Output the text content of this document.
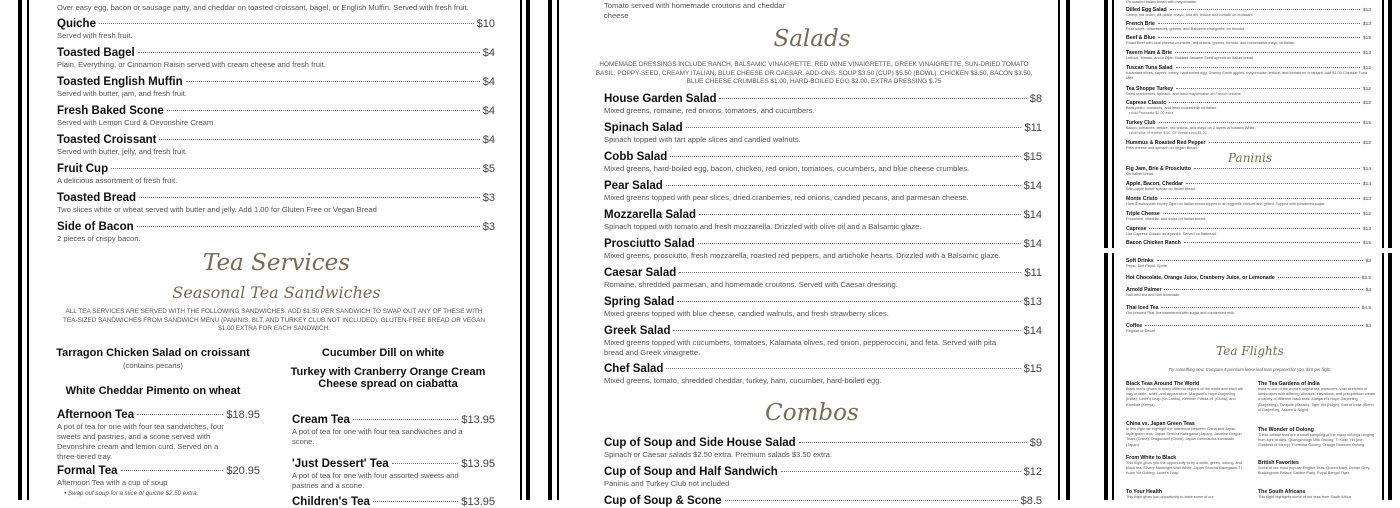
Over easy egg, bacon or sausage patty, and cheddar on toasted croissant, bagel, or English Muffin. Served with fresh fruit.
Quiche	$10
Served with fresh fruit.
Toasted Bagel	$4
Plain, Everything, or Cinnamon Raisin served with cream cheese and fresh fruit.
Toasted English Muffin	$4
Served with butter, jam, and fresh fruit.
Fresh Baked Scone	$4
Served with Lemon Curd & Devonshire Cream
Toasted Croissant	$4
Served with butter, jelly, and fresh fruit.
Fruit Cup	$5
A delicious assortment of fresh fruit.
Toasted Bread	$3
Two slices white or wheat served with butter and jelly. Add 1.00 for Gluten Free or Vegan Bread
Side of Bacon	$3
2 pieces of crispy bacon.
Tea Services
Seasonal Tea Sandwiches
ALL TEA SERVICES ARE SERVED WITH THE FOLLOWING SANDWICHES. ADD $1.50 PER SANDWICH TO SWAP OUT ANY OF THESE WITH TEA-SIZED SANDWICHES FROM SANDWICH MENU (PANINIS, BLT, AND TURKEY CLUB NOT INCLUDED). GLUTEN-FREE BREAD OR VEGAN $1.00 EXTRA FOR EACH SANDWICH.
Tarragon Chicken Salad on croissant
(contains pecans)
Cucumber Dill on white
White Cheddar Pimento on wheat
Turkey with Cranberry Orange Cream Cheese spread on ciabatta
Afternoon Tea	$18.95
A pot of tea for one with four tea sandwiches, four sweets and pastries, and a scone served with Devonshire cream and lemon curd. Served on a three-tiered tray.
Formal Tea	$20.95
Afternoon Tea with a cup of soup
• Swap out soup for a slice of quiche $2.50 extra.
Cream Tea	$13.95
A pot of tea for one with four tea sandwiches and a scone.
'Just Dessert' Tea	$13.95
A pot of tea for one with four assorted sweets and pastries and a scone.
Children's Tea	$13.95
Tomato served with homemade croutons and cheddar cheese
Salads
HOMEMADE DRESSINGS INCLUDE RANCH, BALSAMIC VINAIGRETTE, RED WINE VINAIGRETTE, GREEK VINAIGRETTE, SUN-DRIED TOMATO BASIL, POPPY-SEED, CREAMY ITALIAN, BLUE CHEESE OR CAESAR. ADD-ONS: SOUP $3.50 (CUP) $5.50 (BOWL). CHICKEN $3.50, BACON $3.50, BLUE CHEESE CRUMBLES $1.00, HARD-BOILED EGG $2.00, EXTRA DRESSING $.75
House Garden Salad	$8
Mixed greens, romaine, red onions, tomatoes, and cucumbers.
Spinach Salad	$11
Spinach topped with tart apple slices and candied walnuts.
Cobb Salad	$15
Mixed greens, hard-boiled egg, bacon, chicken, red onion, tomatoes, cucumbers, and blue cheese crumbles.
Pear Salad	$14
Mixed greens topped with pear slices, dried cranberries, red onions, candied pecans, and parmesan cheese.
Mozzarella Salad	$14
Spinach topped with tomato and fresh mozzarella. Drizzled with olive oil and a Balsamic glaze.
Prosciutto Salad	$14
Mixed greens, prosciutto, fresh mozzarella, roasted red peppers, and artichoke hearts. Drizzled with a Balsamic glaze.
Caesar Salad	$11
Romaine, shredded parmesan, and homemade croutons. Served with Caesar dressing.
Spring Salad	$13
Mixed greens topped with blue cheese, candied walnuts, and fresh strawberry slices.
Greek Salad	$14
Mixed greens topped with cucumbers, tomatoes, Kalamata olives, red onion, pepperoccini, and feta. Served with pita bread and Greek vinaigrette.
Chef Salad	$15
Mixed greens, tomato, shredded cheddar, turkey, ham, cucumber, hard-boiled egg.
Combos
Cup of Soup and Side House Salad	$9
Spinach or Caesar salads $2.50 extra. Premium salads $3.50 extra.
Cup of Soup and Half Sandwich	$12
Paninis and Turkey Club not included
Cup of Soup & Scone	$8.5
On toasted Italian bread with mayonnaise.
Dilled Egg Salad	$13
Celery, red onion, dill pickle, mayo, and dill, lettuce and tomato on croissant.
French Brie	$13
Pear slices, strawberries, greens, and Balsamic vinaigrette, on brioche.
Beef & Blue	$15
Roast Beef with blue cheese crumbles, red onions, greens, tomato, and horseradish mayo on Italian.
Tavern Ham & Brie	$13
Lettuce, tomato, and a Dijon Mustard Sesame Seed spread on Italian bread.
Tuscan Tuna Salad	$12
Kalamata olives, capers, celery, hard boiled egg, Granny Smith apples, mayonnaise, lettuce, and tomato on croissant. Add $1.00 Cheddar Tuna Melt
Tea Shoppe Turkey	$12
Dried cranberries, spinach, and basil mayonnaise on French brioche.
Caprese Classic	$12
Basil pesto, tomatoes, and fresh mozzarella on Italian.
• Add Prosciutto $2.00 extra
Turkey Club	$15
Bacon, tomatoes, lettuce, red onions, and mayo on 3 layers of toasted White.
• Add slice of cheese $.50. GF Bread extra $1.00
Hummus & Roasted Red Pepper	$12
Feta cheese and spinach on Vegan Bread.
Paninis
Fig Jam, Brie & Prosciutto	$14
On Italian bread.
Apple, Bacon, Cheddar	$14
With apple butter spread on Italian bread.
Monte Cristo	$13
Ham & swiss with Honey Dijon on Italian bread dipped in an egg/milk mixture and grilled. Topped with powdered sugar.
Triple Cheese	$12
Provolone, cheddar, and swiss on Italian bread.
Caprese	$13
Our Caprese Classic as a panini. Served on flatbread.
Bacon Chicken Ranch	$15
Soft Drinks	$3
Pepsi, Diet Pepsi, Sprite
Hot Chocolate, Orange Juice, Cranberry Juice, or Lemonade	$3.5
Arnold Palmer	$4
Half iced tea and half lemonade
Thai Iced Tea	$4.5
Our brewed Thai Tea sweetened with sugar and condensed milk.
Coffee	$3
Regular or Decaf
Tea Flights
Try something new. Compare 4 premium loose leaf teas prepared for you. $10 per flight.
Black Teas Around The World
Black tea is grown in many different regions of the world and each will vary in taste, smell, and appearance. Margaret's Hope Darjeeling (India), Lover's Leap (Sri Lanka), Keemun Panda #1 (China), and Kambaa (Kenya).
The Tea Gardens of India
India is one of the world's largest tea producers, vast stretches of landscapes with differing climates, elevations, and precipitation create a variety of different black teas. Margaret's Hope Darjeeling (Darjeeling), Tarajulie (Assam), Tiger Hill (Nilgiri), Star of India (Blend of Darjeeling, Assam & Nilgiri)
China vs. Japan Green Teas
In this flight we highlight the difference between China and Japan style green teas. Japan Sencha Kakegawa (Japan), Jasmine Dragon Tears (China), Dragonwell (China), Japan Genmaicha Yamasaki (Japan).
The Wonder of Oolong
These artisan teas are a small sampling of the many oolongs ranging from light to dark. Quangzhough Milk Oolong, Ti Kuan Yin (Iron Goddess of Mercy), Formosa Oolong, Orange Blossom Oolong.
From White to Black
This flight gives you the opportunity to try a white, green, oolong, and black tea. Silvery Moonlight Wild White, Japan Sencha Kakegawa, Ti Kuan Yin Oolong, Lover's Leap.
British Favorites
Some of our most popular English Teas. Queen Mary, Dorian Grey, Buckingham Palace Garden Party, Royal Bengal Tiger.
To Your Health
This flight gives you opportunity to taste some of our
The South Africans
This flight highlights some of our teas from South Africa
